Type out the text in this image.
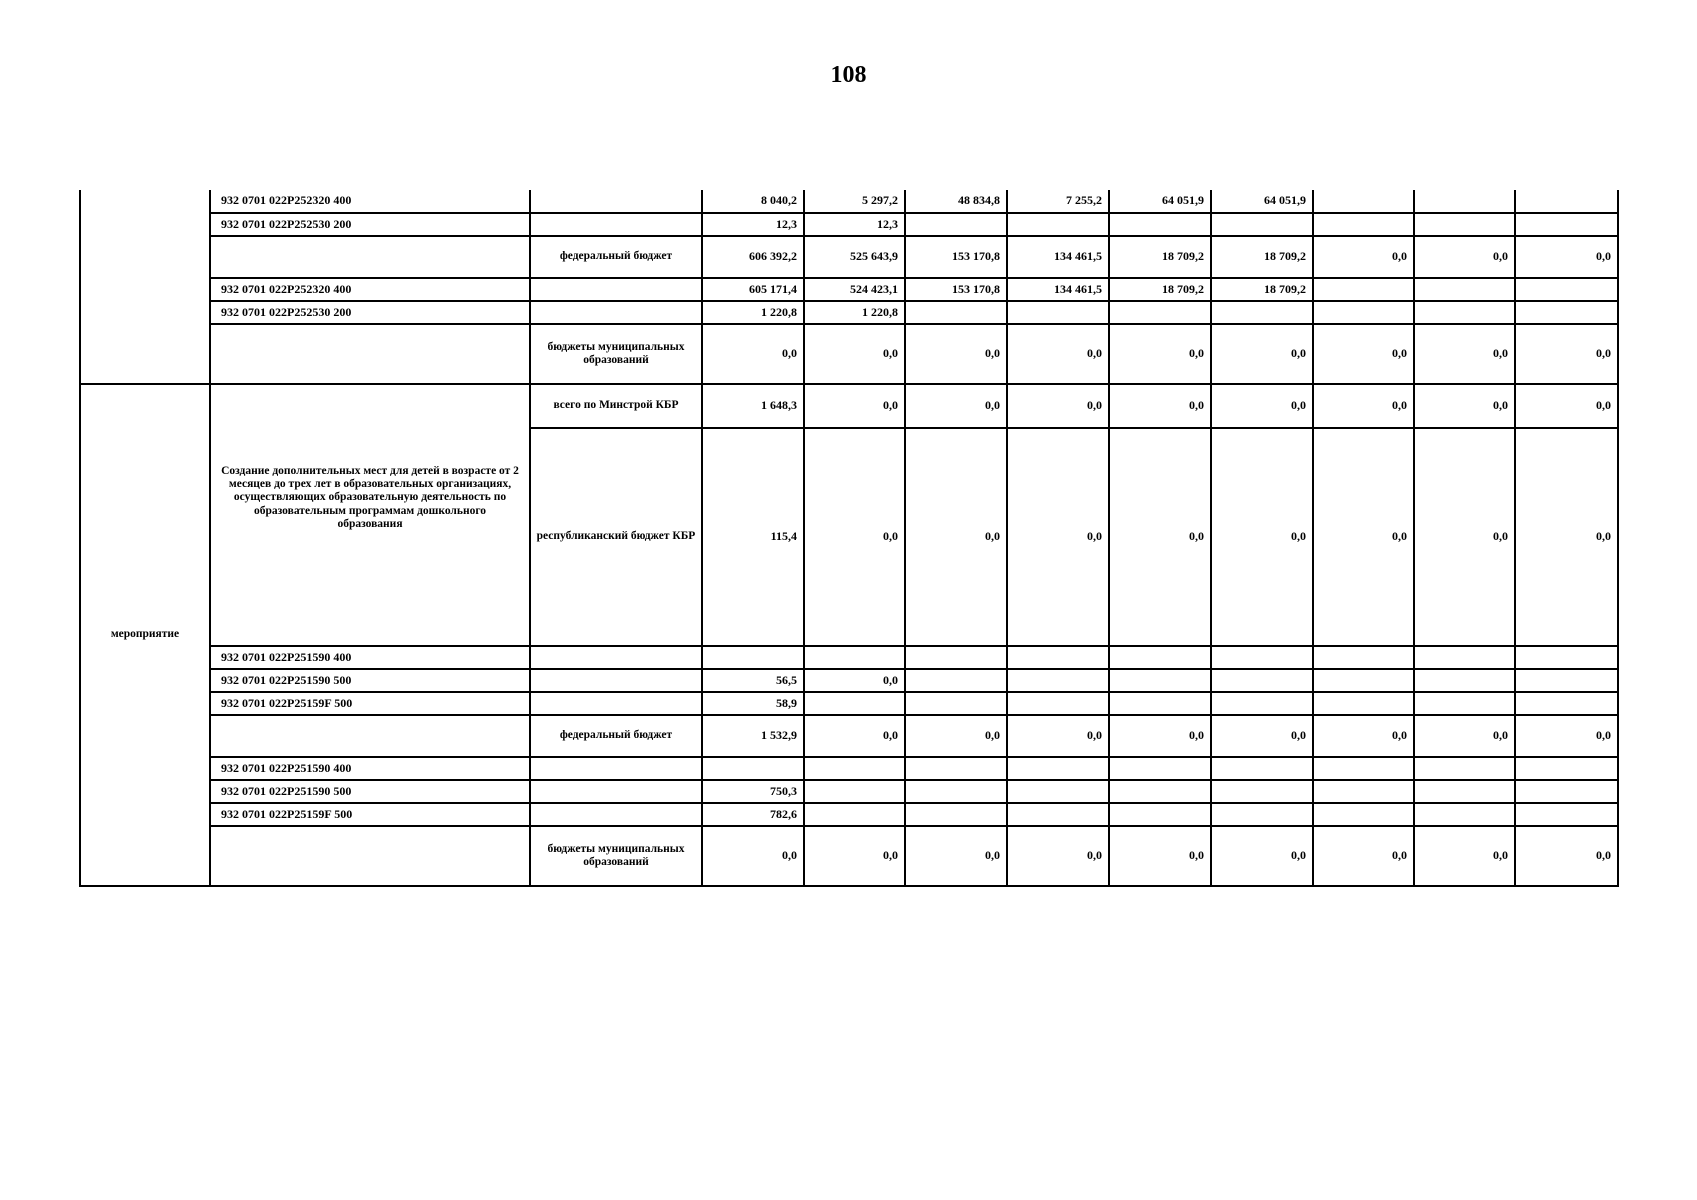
108
	932 0701 022P252320 400		8 040,2	5 297,2	48 834,8	7 255,2	64 051,9	64 051,9			
	932 0701 022P252530 200		12,3	12,3							
		федеральный бюджет	606 392,2	525 643,9	153 170,8	134 461,5	18 709,2	18 709,2	0,0	0,0	0,0
	932 0701 022P252320 400		605 171,4	524 423,1	153 170,8	134 461,5	18 709,2	18 709,2			
	932 0701 022P252530 200		1 220,8	1 220,8							
		бюджеты муниципальных образований	0,0	0,0	0,0	0,0	0,0	0,0	0,0	0,0	0,0
мероприятие	Создание дополнительных мест для детей в возрасте от 2 месяцев до трех лет в образовательных организациях, осуществляющих образовательную деятельность по образовательным программам дошкольного образования	всего по Минстрой КБР	1 648,3	0,0	0,0	0,0	0,0	0,0	0,0	0,0	0,0
		республиканский бюджет КБР	115,4	0,0	0,0	0,0	0,0	0,0	0,0	0,0	0,0
	932 0701 022P251590 400										
	932 0701 022P251590 500		56,5	0,0							
	932 0701 022P25159F 500		58,9								
		федеральный бюджет	1 532,9	0,0	0,0	0,0	0,0	0,0	0,0	0,0	0,0
	932 0701 022P251590 400										
	932 0701 022P251590 500		750,3								
	932 0701 022P25159F 500		782,6								
		бюджеты муниципальных образований	0,0	0,0	0,0	0,0	0,0	0,0	0,0	0,0	0,0
